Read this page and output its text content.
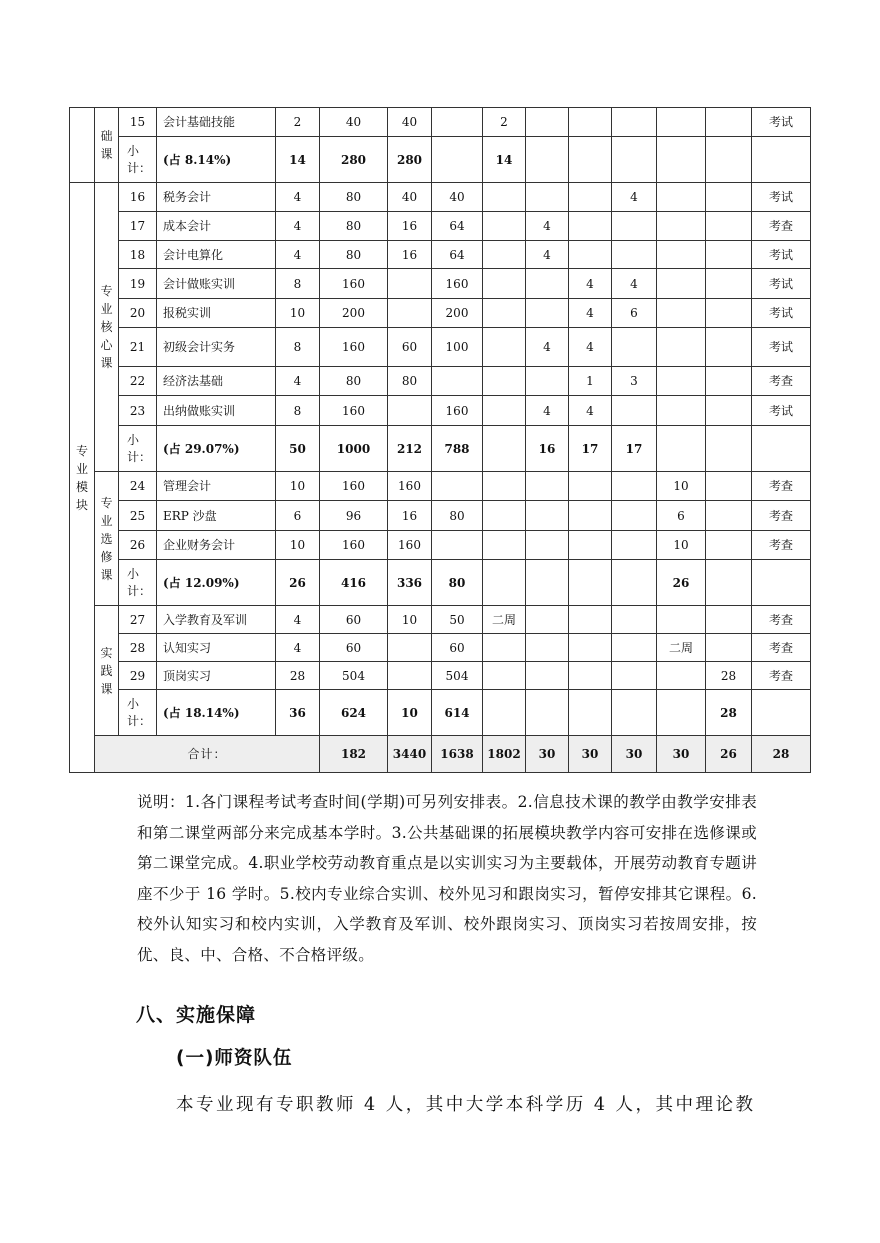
	础课	15	会计基础技能	2	40	40		2						考试	
		小计：	(占 8.14%)	14	280	280		14							

专业模块	专业核心课	16	税务会计	4	80	40	40				4			考试	
		17	成本会计	4	80	16	64		4					考查	
		18	会计电算化	4	80	16	64		4					考试	
		19	会计做账实训	8	160		160			4	4			考试	
		20	报税实训	10	200		200			4	6			考试	
		21	初级会计实务	8	160	60	100		4	4				考试	
		22	经济法基础	4	80	80				1	3			考查	
		23	出纳做账实训	8	160		160		4	4				考试	
		小计：	(占 29.07%)	50	1000	212	788		16	17	17				

	专业选修课	24	管理会计	10	160	160						10		考查	
		25	ERP 沙盘	6	96	16	80					6		考查	
		26	企业财务会计	10	160	160						10		考查	
		小计：	(占 12.09%)	26	416	336	80					26			

	实践课	27	入学教育及军训	4	60	10	50	二周						考查	
		28	认知实习	4	60		60					二周		考查	
		29	顶岗实习	28	504		504						28	考查	
		小计：	(占 18.14%)	36	624	10	614						28		
	合计：				182	3440	1638	1802	30	30	30	30	26	28	
说明：1.各门课程考试考查时间(学期)可另列安排表。2.信息技术课的教学由教学安排表和第二课堂两部分来完成基本学时。3.公共基础课的拓展模块教学内容可安排在选修课或第二课堂完成。4.职业学校劳动教育重点是以实训实习为主要载体，开展劳动教育专题讲座不少于 16 学时。5.校内专业综合实训、校外见习和跟岗实习，暂停安排其它课程。6.校外认知实习和校内实训，入学教育及军训、校外跟岗实习、顶岗实习若按周安排，按优、良、中、合格、不合格评级。
八、实施保障
(一)师资队伍
本专业现有专职教师 4 人，其中大学本科学历 4 人，其中理论教
